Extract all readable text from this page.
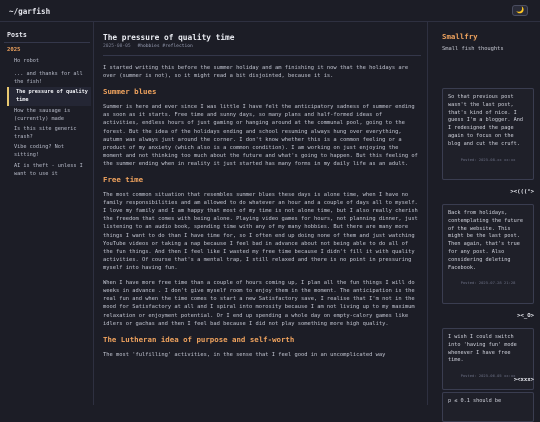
~/garfish	🌙
Posts
2025
Ho robot
... and thanks for all the fish!
The pressure of quality time
How the sausage is (currently) made
Is this site generic trash?
Vibe coding? Not sitting!
AI is theft - unless I want to use it
The pressure of quality time
2025-08-05 #hobbies #reflection

I started writing this before the summer holiday and am finishing it now that the holidays are over (summer is not), so it might read a bit disjointed, because it is.

Summer blues

Summer is here and ever since I was little I have felt the anticipatory sadness of summer ending as soon as it starts. Free time and sunny days, so many plans and half-formed ideas of activities, endless hours of just gaming or hanging around at the communal pool, going to the forest. But the idea of the holidays ending and school resuming always hung over everything, autumn was always just around the corner. I don't know whether this is a common feeling or a product of my anxiety (which also is a common condition). I am working on just enjoying the moment and not thinking too much about the future and what's going to happen. But this feeling of the summer ending when in reality it just started has many forms in my daily life as an adult.

Free time

The most common situation that resembles summer blues these days is alone time, when I have no family responsibilities and am allowed to do whatever an hour and a couple of days all to myself. I love my family and I am happy that most of my time is not alone time, but I also really cherish the freedom that comes with being alone. Playing video games for hours, not planning dinner, just listening to an audio book, spending time with any of my many hobbies. But there are many more things I want to do than I have time for, so I often end up doing none of them and just watching YouTube videos or taking a nap because I feel bad in advance about not being able to do all of the fun things. And then I feel like I wasted my free time because I didn't fill it with quality activities. Of course that's a mental trap, I still relaxed and there is no point in pressuring myself into having fun.

When I have more free time than a couple of hours coming up, I plan all the fun things I will do weeks in advance . I don't give myself room to enjoy them in the moment. The anticipation is the real fun and when the time comes to start a new Satisfactory save, I realise that I'm not in the mood for Satisfactory at all and I spiral into morosity because I am not living up to my maximum relaxation or enjoyment potential. Or I end up spending a whole day on empty-calory games like idlers or gachas and then I feel bad because I did not play something more high quality.

The Lutheran idea of purpose and self-worth

The most 'fulfilling' activities, in the sense that I feel good in an uncomplicated way

Smallfry
Small fish thoughts
So that previous post wasn't the last post, that's kind of nice. I guess I'm a blogger. And I redesigned the page again to focus on the blog and cut the cruft.
Posted: 2025-08-xx xx:xx
><(((°>
Back from holidays, contemplating the future of the website. This might be the last post. Then again, that's true for any post. Also considering deleting Facebook.
Posted: 2025-07-28 21:28
><_O>
I wish I could switch into 'having fun' mode whenever I have free time.
Posted: 2025-06-05 xx:xx
><xxx>
p ≤ 0.1 should be
